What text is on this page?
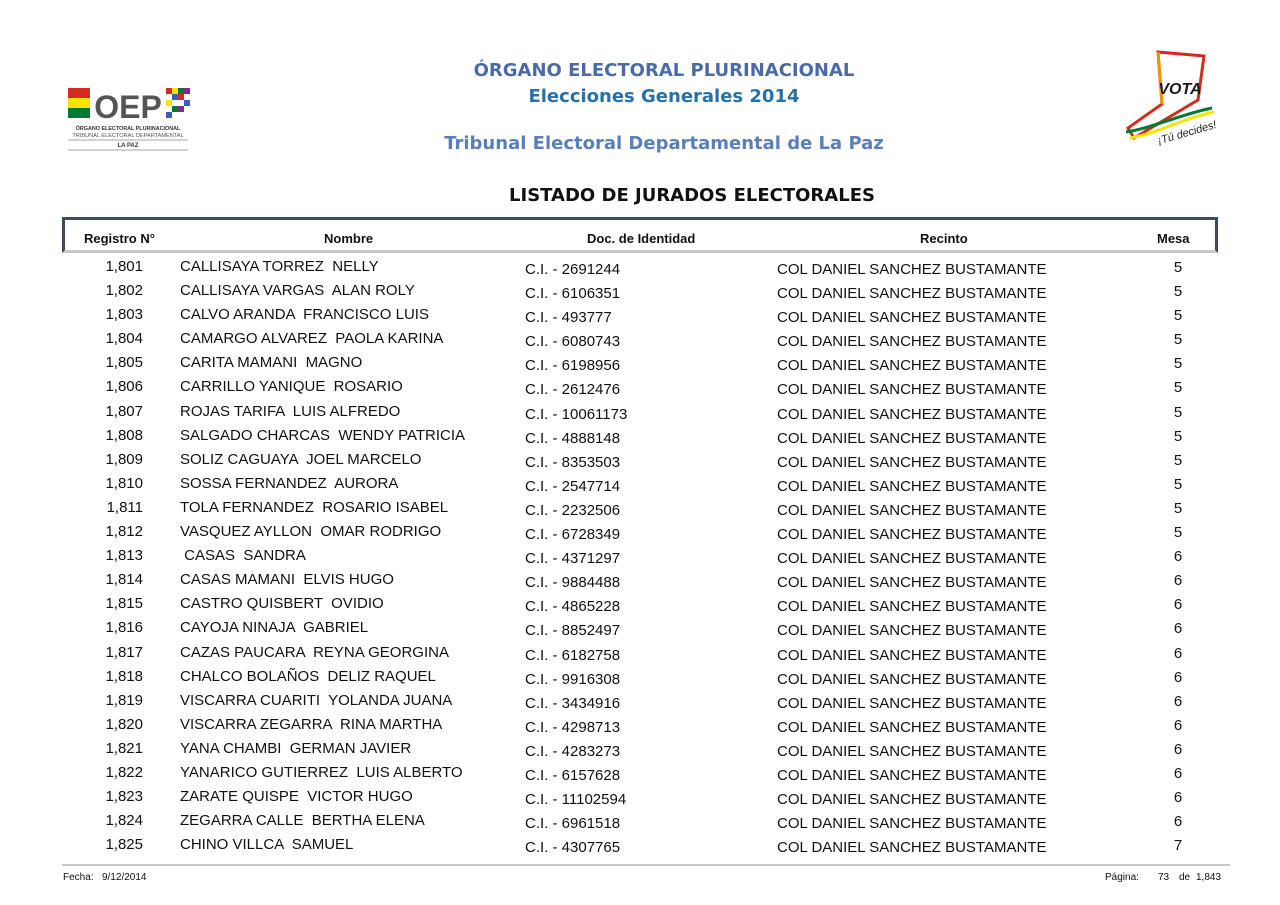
OEP
ÓRGANO ELECTORAL PLURINACIONAL
TRIBUNAL ELECTORAL DEPARTAMENTAL
LA PAZ
ÓRGANO ELECTORAL PLURINACIONAL
Elecciones Generales 2014
Tribunal Electoral Departamental de La Paz
VOTA
¡Tú decides!
LISTADO DE JURADOS ELECTORALES
Registro N°	Nombre	Doc. de Identidad	Recinto	Mesa
1,801 CALLISAYA TORREZ  NELLY	C.I. - 2691244	COL DANIEL SANCHEZ BUSTAMANTE	5
1,802 CALLISAYA VARGAS  ALAN ROLY	C.I. - 6106351	COL DANIEL SANCHEZ BUSTAMANTE	5
1,803 CALVO ARANDA  FRANCISCO LUIS	C.I. - 493777	COL DANIEL SANCHEZ BUSTAMANTE	5
1,804 CAMARGO ALVAREZ  PAOLA KARINA	C.I. - 6080743	COL DANIEL SANCHEZ BUSTAMANTE	5
1,805 CARITA MAMANI  MAGNO	C.I. - 6198956	COL DANIEL SANCHEZ BUSTAMANTE	5
1,806 CARRILLO YANIQUE  ROSARIO	C.I. - 2612476	COL DANIEL SANCHEZ BUSTAMANTE	5
1,807 ROJAS TARIFA  LUIS ALFREDO	C.I. - 10061173	COL DANIEL SANCHEZ BUSTAMANTE	5
1,808 SALGADO CHARCAS  WENDY PATRICIA	C.I. - 4888148	COL DANIEL SANCHEZ BUSTAMANTE	5
1,809 SOLIZ CAGUAYA  JOEL MARCELO	C.I. - 8353503	COL DANIEL SANCHEZ BUSTAMANTE	5
1,810 SOSSA FERNANDEZ  AURORA	C.I. - 2547714	COL DANIEL SANCHEZ BUSTAMANTE	5
1,811 TOLA FERNANDEZ  ROSARIO ISABEL	C.I. - 2232506	COL DANIEL SANCHEZ BUSTAMANTE	5
1,812 VASQUEZ AYLLON  OMAR RODRIGO	C.I. - 6728349	COL DANIEL SANCHEZ BUSTAMANTE	5
1,813 CASAS  SANDRA	C.I. - 4371297	COL DANIEL SANCHEZ BUSTAMANTE	6
1,814 CASAS MAMANI  ELVIS HUGO	C.I. - 9884488	COL DANIEL SANCHEZ BUSTAMANTE	6
1,815 CASTRO QUISBERT  OVIDIO	C.I. - 4865228	COL DANIEL SANCHEZ BUSTAMANTE	6
1,816 CAYOJA NINAJA  GABRIEL	C.I. - 8852497	COL DANIEL SANCHEZ BUSTAMANTE	6
1,817 CAZAS PAUCARA  REYNA GEORGINA	C.I. - 6182758	COL DANIEL SANCHEZ BUSTAMANTE	6
1,818 CHALCO BOLAÑOS  DELIZ RAQUEL	C.I. - 9916308	COL DANIEL SANCHEZ BUSTAMANTE	6
1,819 VISCARRA CUARITI  YOLANDA JUANA	C.I. - 3434916	COL DANIEL SANCHEZ BUSTAMANTE	6
1,820 VISCARRA ZEGARRA  RINA MARTHA	C.I. - 4298713	COL DANIEL SANCHEZ BUSTAMANTE	6
1,821 YANA CHAMBI  GERMAN JAVIER	C.I. - 4283273	COL DANIEL SANCHEZ BUSTAMANTE	6
1,822 YANARICO GUTIERREZ  LUIS ALBERTO	C.I. - 6157628	COL DANIEL SANCHEZ BUSTAMANTE	6
1,823 ZARATE QUISPE  VICTOR HUGO	C.I. - 11102594	COL DANIEL SANCHEZ BUSTAMANTE	6
1,824 ZEGARRA CALLE  BERTHA ELENA	C.I. - 6961518	COL DANIEL SANCHEZ BUSTAMANTE	6
1,825 CHINO VILLCA  SAMUEL	C.I. - 4307765	COL DANIEL SANCHEZ BUSTAMANTE	7
Fecha: 9/12/2014	Página: 73 de 1,843
